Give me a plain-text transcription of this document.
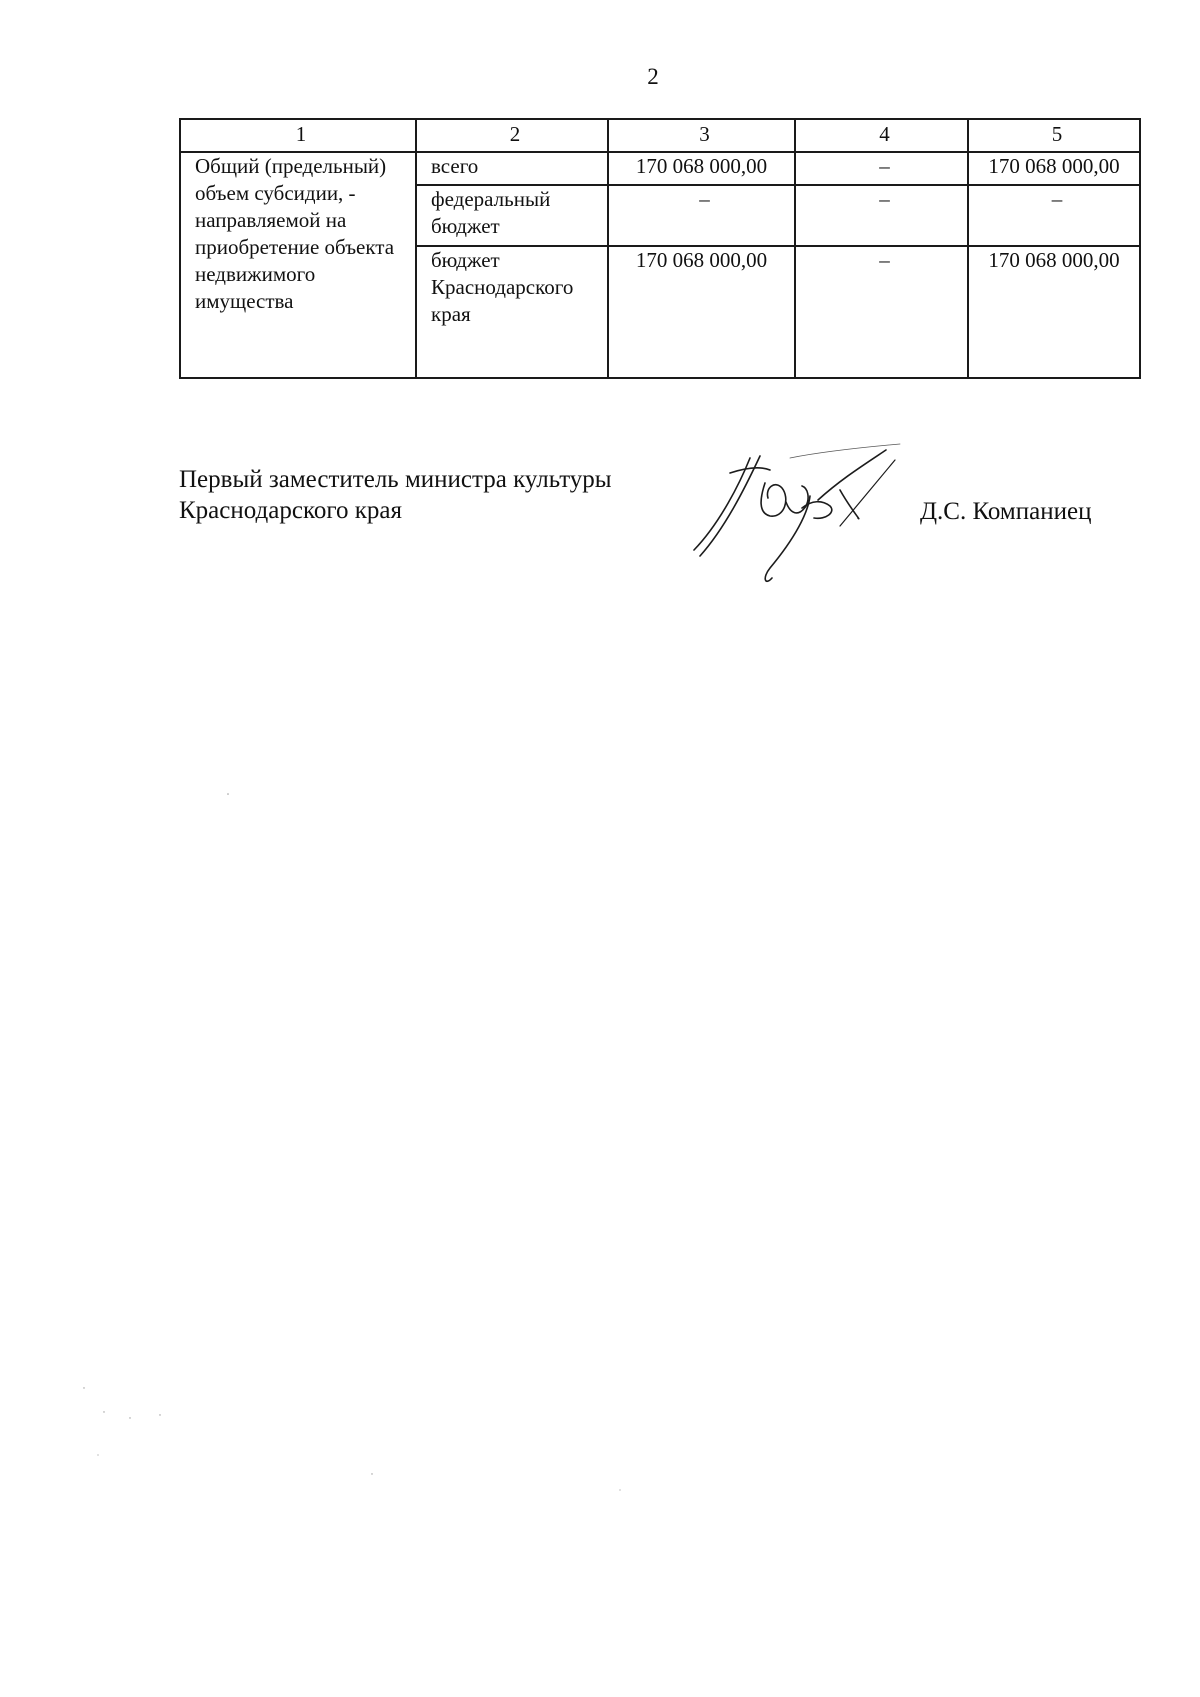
2
1	2	3	4	5
Общий (предельный) объем субсидии, - направляемой на приобретение объекта недвижимого имущества	всего	170 068 000,00	–	170 068 000,00
	федеральный бюджет	–	–	–
	бюджет Краснодарского края	170 068 000,00	–	170 068 000,00
Первый заместитель министра культуры
Краснодарского края	Д.С. Компаниец
